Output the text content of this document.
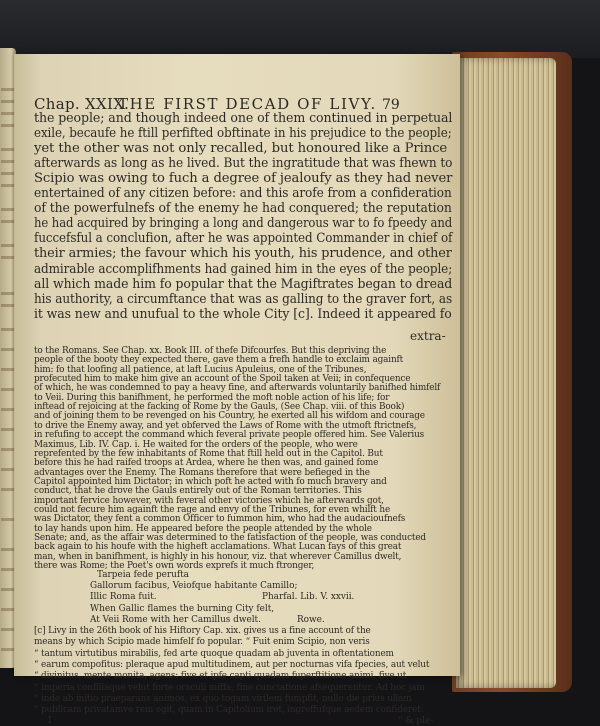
Chap. XXIX.
THE FIRST DECAD OF LIVY. 79
the people; and though indeed one of them continued in perpetual
exile, becaufe he ftill perfifted obftinate in his prejudice to the people;
yet the other was not only recalled, but honoured like a Prince
afterwards as long as he lived. But the ingratitude that was fhewn to
Scipio was owing to fuch a degree of jealoufy as they had never
entertained of any citizen before: and this arofe from a confideration
of the powerfulnefs of the enemy he had conquered; the reputation
he had acquired by bringing a long and dangerous war to fo fpeedy and
fuccefsful a conclufion, after he was appointed Commander in chief of
their armies; the favour which his youth, his prudence, and other
admirable accomplifhments had gained him in the eyes of the people;
all which made him fo popular that the Magiftrates began to dread
his authority, a circumftance that was as galling to the graver fort, as
it was new and unufual to the whole City [c]. Indeed it appeared fo
extra-
to the Romans. See Chap. xx. Book III. of thefe Difcourfes. But this depriving the
people of the booty they expected there, gave them a frefh handle to exclaim againft
him: fo that loofing all patience, at laft Lucius Apuleius, one of the Tribunes,
profecuted him to make him give an account of the Spoil taken at Veii; in confequence
of which, he was condemned to pay a heavy fine, and afterwards voluntarily banifhed himfelf
to Veii. During this banifhment, he performed the moft noble action of his life; for
inftead of rejoicing at the facking of Rome by the Gauls, (See Chap. viii. of this Book)
and of joining them to be revenged on his Country, he exerted all his wifdom and courage
to drive the Enemy away, and yet obferved the Laws of Rome with the utmoft ftrictnefs,
in refufing to accept the command which feveral private people offered him. See Valerius
Maximus, Lib. IV. Cap. i. He waited for the orders of the people, who were
reprefented by the few inhabitants of Rome that ftill held out in the Capitol. But
before this he had raifed troops at Ardea, where he then was, and gained fome
advantages over the Enemy. The Romans therefore that were befieged in the
Capitol appointed him Dictator; in which poft he acted with fo much bravery and
conduct, that he drove the Gauls entirely out of the Roman territories. This
important fervice however, with feveral other victories which he afterwards got,
could not fecure him againft the rage and envy of the Tribunes, for even whilft he
was Dictator, they fent a common Officer to fummon him, who had the audacioufnefs
to lay hands upon him. He appeared before the people attended by the whole
Senate; and, as the affair was determined to the fatisfaction of the people, was conducted
back again to his houfe with the higheft acclamations. What Lucan fays of this great
man, when in banifhment, is highly in his honour, viz. that wherever Camillus dwelt,
there was Rome; the Poet's own words exprefs it much ftronger,
Tarpeia fede perufta
Gallorum facibus, Veiofque habitante Camillo;
Illic Roma fuit.	Pharfal. Lib. V. xxvii.
When Gallic flames the burning City felt,
At Veii Rome with her Camillus dwelt.	Rowe.
[c] Livy in the 26th book of his Hiftory Cap. xix. gives us a fine account of the
means by which Scipio made himfelf fo popular. “ Fuit enim Scipio, non veris
“ tantum virtutibus mirabilis, fed arte quoque quadam ab juventa in oftentationem
“ earum compofitus: pleraque apud multitudinem, aut per nocturnas vifa fpecies, aut velut
“ divinitus, mente monita, agens: five et ipfe capti quadam fuperftitione animi, five ut
“ imperia confiliaque velut forte oraculi miffa, fine cunctatione afsequerentur. Ad hoc jam
“ inde ab initio praeparans animos, ex quo togam virilem fumpfit, nullo die prius ullam
“ publicam privatamve rem egit, quam in Capitolium iret, ingreffufque aedem confideret:
I	“ & ple-
